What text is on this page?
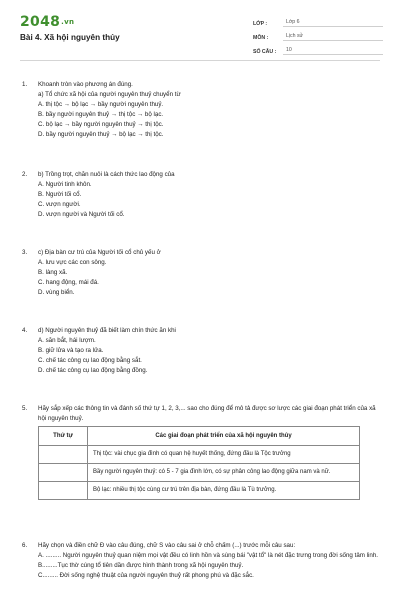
2048.vn
Bài 4. Xã hội nguyên thủy
LỚP :	Lớp 6
MÔN :	Lịch sử
SỐ CÂU :	10
1. Khoanh tròn vào phương án đúng.
a) Tổ chức xã hội của người nguyên thuỷ chuyển từ
A. thị tộc → bộ lạc → bầy người nguyên thuỷ.
B. bầy người nguyên thuỷ → thị tộc → bộ lạc.
C. bộ lạc → bầy người nguyên thuỷ → thị tộc.
D. bầy người nguyên thuỷ → bộ lạc → thị tộc.
2. b) Trồng trọt, chăn nuôi là cách thức lao động của
A. Người tinh khôn.
B. Người tối cổ.
C. vượn người.
D. vượn người và Người tối cổ.
3. c) Địa bàn cư trú của Người tối cổ chủ yếu ở
A. lưu vực các con sông.
B. làng xã.
C. hang động, mái đá.
D. vùng biển.
4. d) Người nguyên thuỷ đã biết làm chín thức ăn khi
A. săn bắt, hái lượm.
B. giữ lửa và tạo ra lửa.
C. chế tác công cụ lao động bằng sắt.
D. chế tác công cụ lao động bằng đồng.
5. Hãy sắp xếp các thông tin và đánh số thứ tự 1, 2, 3,... sao cho đúng để mô tả được sơ lược các giai đoạn phát triển của xã hội nguyên thuỷ.
Thứ tự	Các giai đoạn phát triển của xã hội nguyên thủy
	Thị tộc: vài chục gia đình có quan hệ huyết thống, đứng đầu là Tộc trưởng
	Bầy người nguyên thuỷ: có 5 - 7 gia đình lớn, có sự phân công lao động giữa nam và nữ.
	Bộ lạc: nhiều thị tộc cùng cư trú trên địa bàn, đứng đầu là Tù trưởng.
6. Hãy chọn và điền chữ Đ vào câu đúng, chữ S vào câu sai ở chỗ chấm (...) trước mỗi câu sau:
A. ......... Người nguyên thuỷ quan niệm mọi vật đều có linh hồn và sùng bái "vật tổ" là nét đặc trưng trong đời sống tâm linh.
B.........Tục thờ cúng tổ tiên dần được hình thành trong xã hội nguyên thuỷ.
C......... Đời sống nghệ thuật của người nguyên thuỷ rất phong phú và đặc sắc.
